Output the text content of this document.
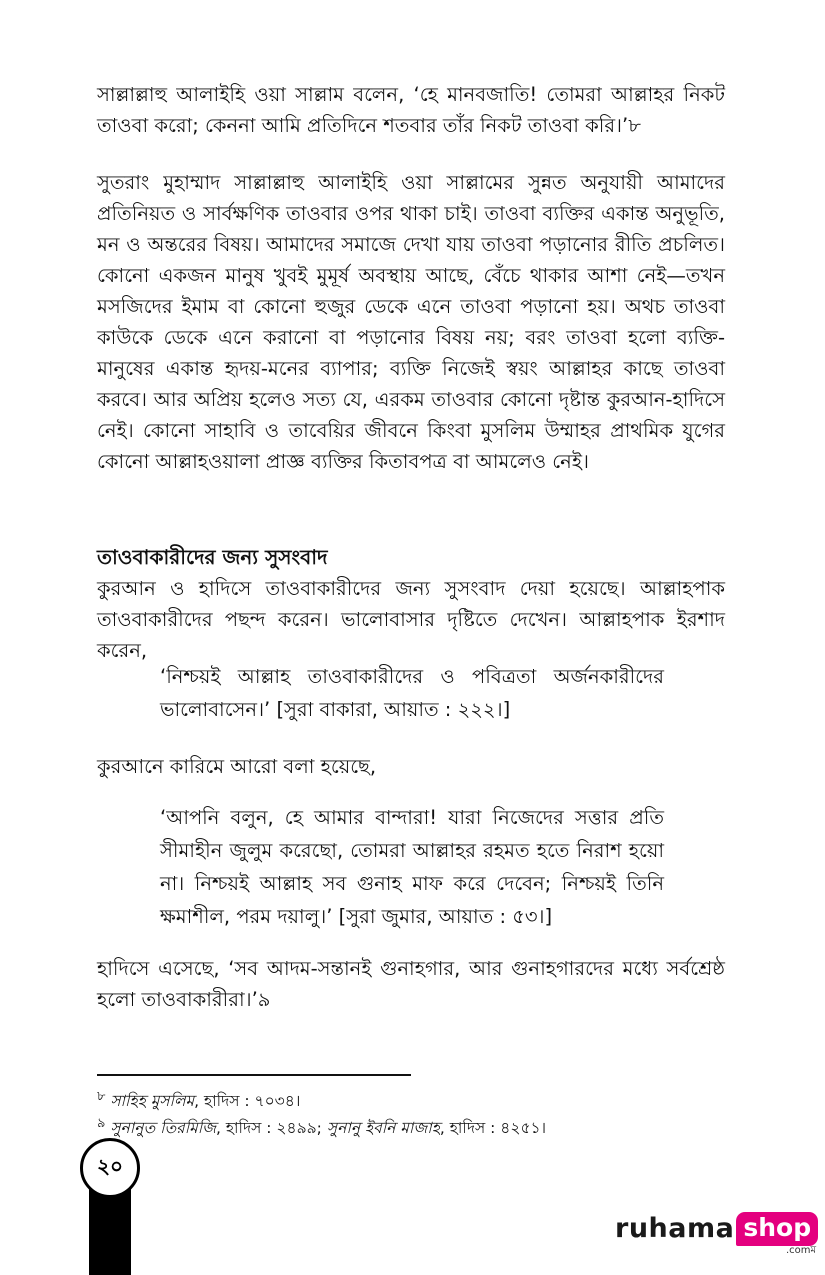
সাল্লাল্লাহু আলাইহি ওয়া সাল্লাম বলেন, ‘হে মানবজাতি! তোমরা আল্লাহর নিকট তাওবা করো; কেননা আমি প্রতিদিনে শতবার তাঁর নিকট তাওবা করি।’৮

সুতরাং মুহাম্মাদ সাল্লাল্লাহু আলাইহি ওয়া সাল্লামের সুন্নত অনুযায়ী আমাদের প্রতিনিয়ত ও সার্বক্ষণিক তাওবার ওপর থাকা চাই। তাওবা ব্যক্তির একান্ত অনুভূতি, মন ও অন্তরের বিষয়। আমাদের সমাজে দেখা যায় তাওবা পড়ানোর রীতি প্রচলিত। কোনো একজন মানুষ খুবই মুমূর্ষ অবস্থায় আছে, বেঁচে থাকার আশা নেই—তখন মসজিদের ইমাম বা কোনো হুজুর ডেকে এনে তাওবা পড়ানো হয়। অথচ তাওবা কাউকে ডেকে এনে করানো বা পড়ানোর বিষয় নয়; বরং তাওবা হলো ব্যক্তি-মানুষের একান্ত হৃদয়-মনের ব্যাপার; ব্যক্তি নিজেই স্বয়ং আল্লাহর কাছে তাওবা করবে। আর অপ্রিয় হলেও সত্য যে, এরকম তাওবার কোনো দৃষ্টান্ত কুরআন-হাদিসে নেই। কোনো সাহাবি ও তাবেয়ির জীবনে কিংবা মুসলিম উম্মাহর প্রাথমিক যুগের কোনো আল্লাহওয়ালা প্রাজ্ঞ ব্যক্তির কিতাবপত্র বা আমলেও নেই।

তাওবাকারীদের জন্য সুসংবাদ

কুরআন ও হাদিসে তাওবাকারীদের জন্য সুসংবাদ দেয়া হয়েছে। আল্লাহপাক তাওবাকারীদের পছন্দ করেন। ভালোবাসার দৃষ্টিতে দেখেন। আল্লাহপাক ইরশাদ করেন,

‘নিশ্চয়ই আল্লাহ তাওবাকারীদের ও পবিত্রতা অর্জনকারীদের ভালোবাসেন।’ [সুরা বাকারা, আয়াত : ২২২।]

কুরআনে কারিমে আরো বলা হয়েছে,

‘আপনি বলুন, হে আমার বান্দারা! যারা নিজেদের সত্তার প্রতি সীমাহীন জুলুম করেছো, তোমরা আল্লাহর রহমত হতে নিরাশ হয়ো না। নিশ্চয়ই আল্লাহ সব গুনাহ মাফ করে দেবেন; নিশ্চয়ই তিনি ক্ষমাশীল, পরম দয়ালু।’ [সুরা জুমার, আয়াত : ৫৩।]

হাদিসে এসেছে, ‘সব আদম-সন্তানই গুনাহগার, আর গুনাহগারদের মধ্যে সর্বশ্রেষ্ঠ হলো তাওবাকারীরা।’৯

$^৮$ সাহিহ মুসলিম, হাদিস : ৭০৩৪।

$^৯$ সুনানুত তিরমিজি, হাদিস : ২৪৯৯; সুনানু ইবনি মাজাহ, হাদিস : ৪২৫১।

২০
ruhama shop
.comম
